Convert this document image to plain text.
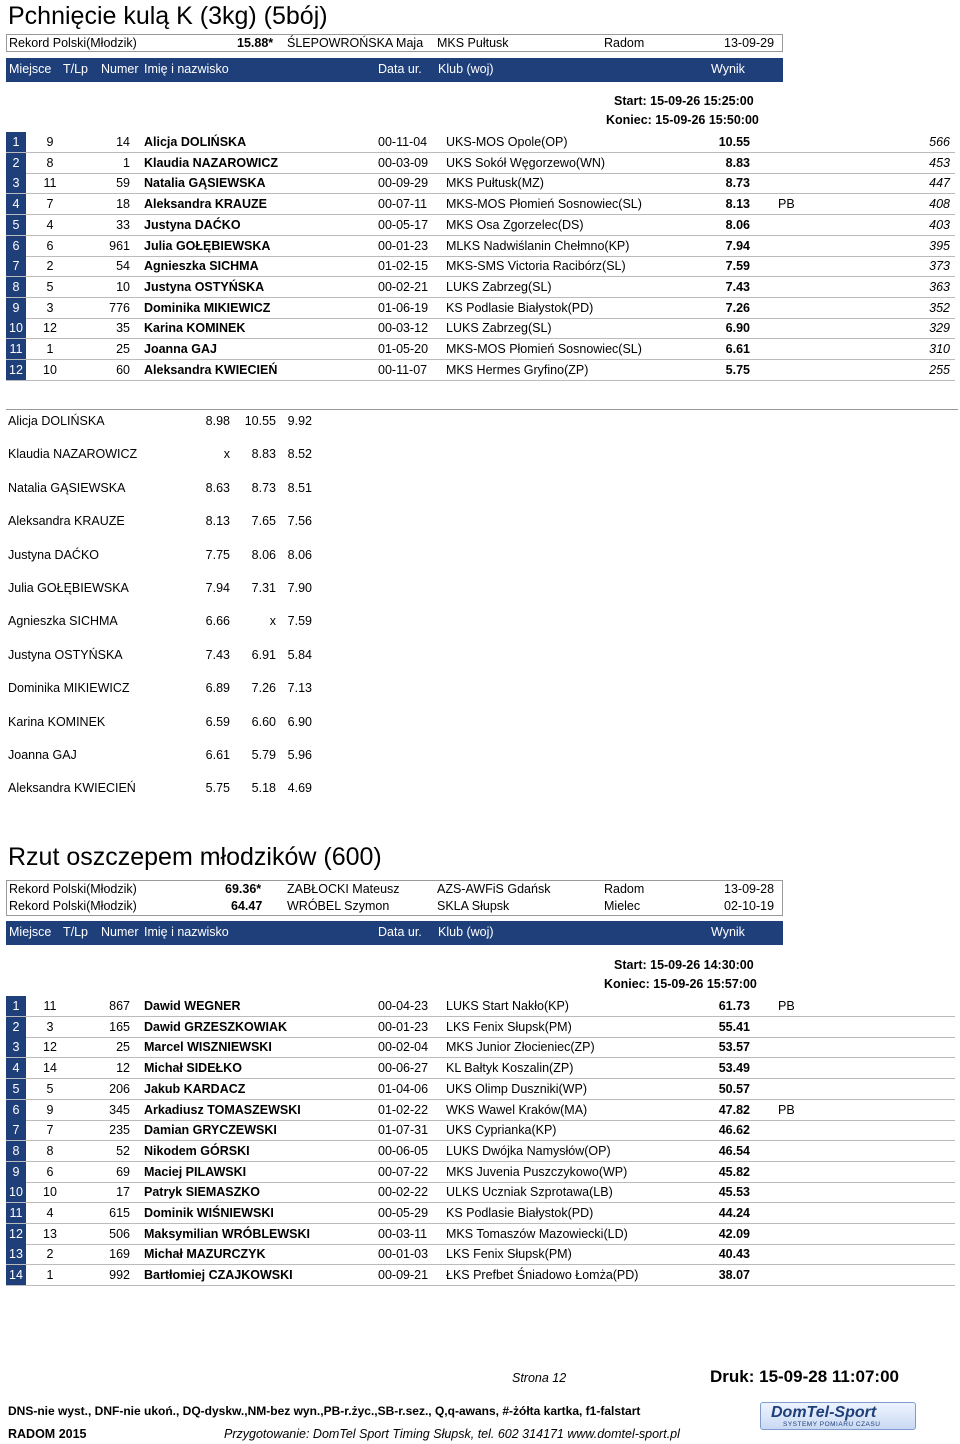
Pchnięcie kulą K (3kg) (5bój)
Rekord Polski(Młodzik)	15.88* ŚLEPOWROŃSKA Maja MKS Pułtusk	Radom	13-09-29
Miejsce T/Lp Numer Imię i nazwisko	Data ur. Klub (woj)	Wynik
Start: 15-09-26 15:25:00
Koniec: 15-09-26 15:50:00
1	9	14 Alicja DOLIŃSKA	00-11-04 UKS-MOS Opole(OP)	10.55	566
2	8	1 Klaudia NAZAROWICZ	00-03-09 UKS Sokół Węgorzewo(WN)	8.83	453
3	11	59 Natalia GĄSIEWSKA	00-09-29 MKS Pułtusk(MZ)	8.73	447
4	7	18 Aleksandra KRAUZE	00-07-11 MKS-MOS Płomień Sosnowiec(SL)	8.13 PB	408
5	4	33 Justyna DAĆKO	00-05-17 MKS Osa Zgorzelec(DS)	8.06	403
6	6	961 Julia GOŁĘBIEWSKA	00-01-23 MLKS Nadwiślanin Chełmno(KP)	7.94	395
7	2	54 Agnieszka SICHMA	01-02-15 MKS-SMS Victoria Racibórz(SL)	7.59	373
8	5	10 Justyna OSTYŃSKA	00-02-21 LUKS Zabrzeg(SL)	7.43	363
9	3	776 Dominika MIKIEWICZ	01-06-19 KS Podlasie Białystok(PD)	7.26	352
10	12	35 Karina KOMINEK	00-03-12 LUKS Zabrzeg(SL)	6.90	329
11	1	25 Joanna GAJ	01-05-20 MKS-MOS Płomień Sosnowiec(SL)	6.61	310
12	10	60 Aleksandra KWIECIEŃ	00-11-07 MKS Hermes Gryfino(ZP)	5.75	255
Alicja DOLIŃSKA	8.98	10.55 9.92
Klaudia NAZAROWICZ	x	8.83 8.52
Natalia GĄSIEWSKA	8.63	8.73 8.51
Aleksandra KRAUZE	8.13	7.65 7.56
Justyna DAĆKO	7.75	8.06 8.06
Julia GOŁĘBIEWSKA	7.94	7.31 7.90
Agnieszka SICHMA	6.66	x 7.59
Justyna OSTYŃSKA	7.43	6.91 5.84
Dominika MIKIEWICZ	6.89	7.26 7.13
Karina KOMINEK	6.59	6.60 6.90
Joanna GAJ	6.61	5.79 5.96
Aleksandra KWIECIEŃ	5.75	5.18 4.69
Rzut oszczepem młodzików (600)
Rekord Polski(Młodzik)	69.36* ZABŁOCKI Mateusz	AZS-AWFiS Gdańsk	Radom	13-09-28
Rekord Polski(Młodzik)	64.47 WRÓBEL Szymon	SKLA Słupsk	Mielec	02-10-19
Miejsce T/Lp Numer Imię i nazwisko	Data ur. Klub (woj)	Wynik
Start: 15-09-26 14:30:00
Koniec: 15-09-26 15:57:00
1	11	867 Dawid WEGNER	00-04-23 LUKS Start Nakło(KP)	61.73 PB
2	3	165 Dawid GRZESZKOWIAK	00-01-23 LKS Fenix Słupsk(PM)	55.41
3	12	25 Marcel WISZNIEWSKI	00-02-04 MKS Junior Złocieniec(ZP)	53.57
4	14	12 Michał SIDEŁKO	00-06-27 KL Bałtyk Koszalin(ZP)	53.49
5	5	206 Jakub KARDACZ	01-04-06 UKS Olimp Duszniki(WP)	50.57
6	9	345 Arkadiusz TOMASZEWSKI	01-02-22 WKS Wawel Kraków(MA)	47.82 PB
7	7	235 Damian GRYCZEWSKI	01-07-31 UKS Cyprianka(KP)	46.62
8	8	52 Nikodem GÓRSKI	00-06-05 LUKS Dwójka Namysłów(OP)	46.54
9	6	69 Maciej PILAWSKI	00-07-22 MKS Juvenia Puszczykowo(WP)	45.82
10	10	17 Patryk SIEMASZKO	00-02-22 ULKS Uczniak Szprotawa(LB)	45.53
11	4	615 Dominik WIŚNIEWSKI	00-05-29 KS Podlasie Białystok(PD)	44.24
12	13	506 Maksymilian WRÓBLEWSKI	00-03-11 MKS Tomaszów Mazowiecki(LD)	42.09
13	2	169 Michał MAZURCZYK	00-01-03 LKS Fenix Słupsk(PM)	40.43
14	1	992 Bartłomiej CZAJKOWSKI	00-09-21 ŁKS Prefbet Śniadowo Łomża(PD)	38.07
Strona 12	Druk: 15-09-28 11:07:00
DNS-nie wyst., DNF-nie ukoń., DQ-dyskw.,NM-bez wyn.,PB-r.życ.,SB-r.sez., Q,q-awans, #-żółta kartka, f1-falstart
RADOM 2015	Przygotowanie: DomTel Sport Timing Słupsk, tel. 602 314171 www.domtel-sport.pl
DomTel-Sport
SYSTEMY POMIARU CZASU
